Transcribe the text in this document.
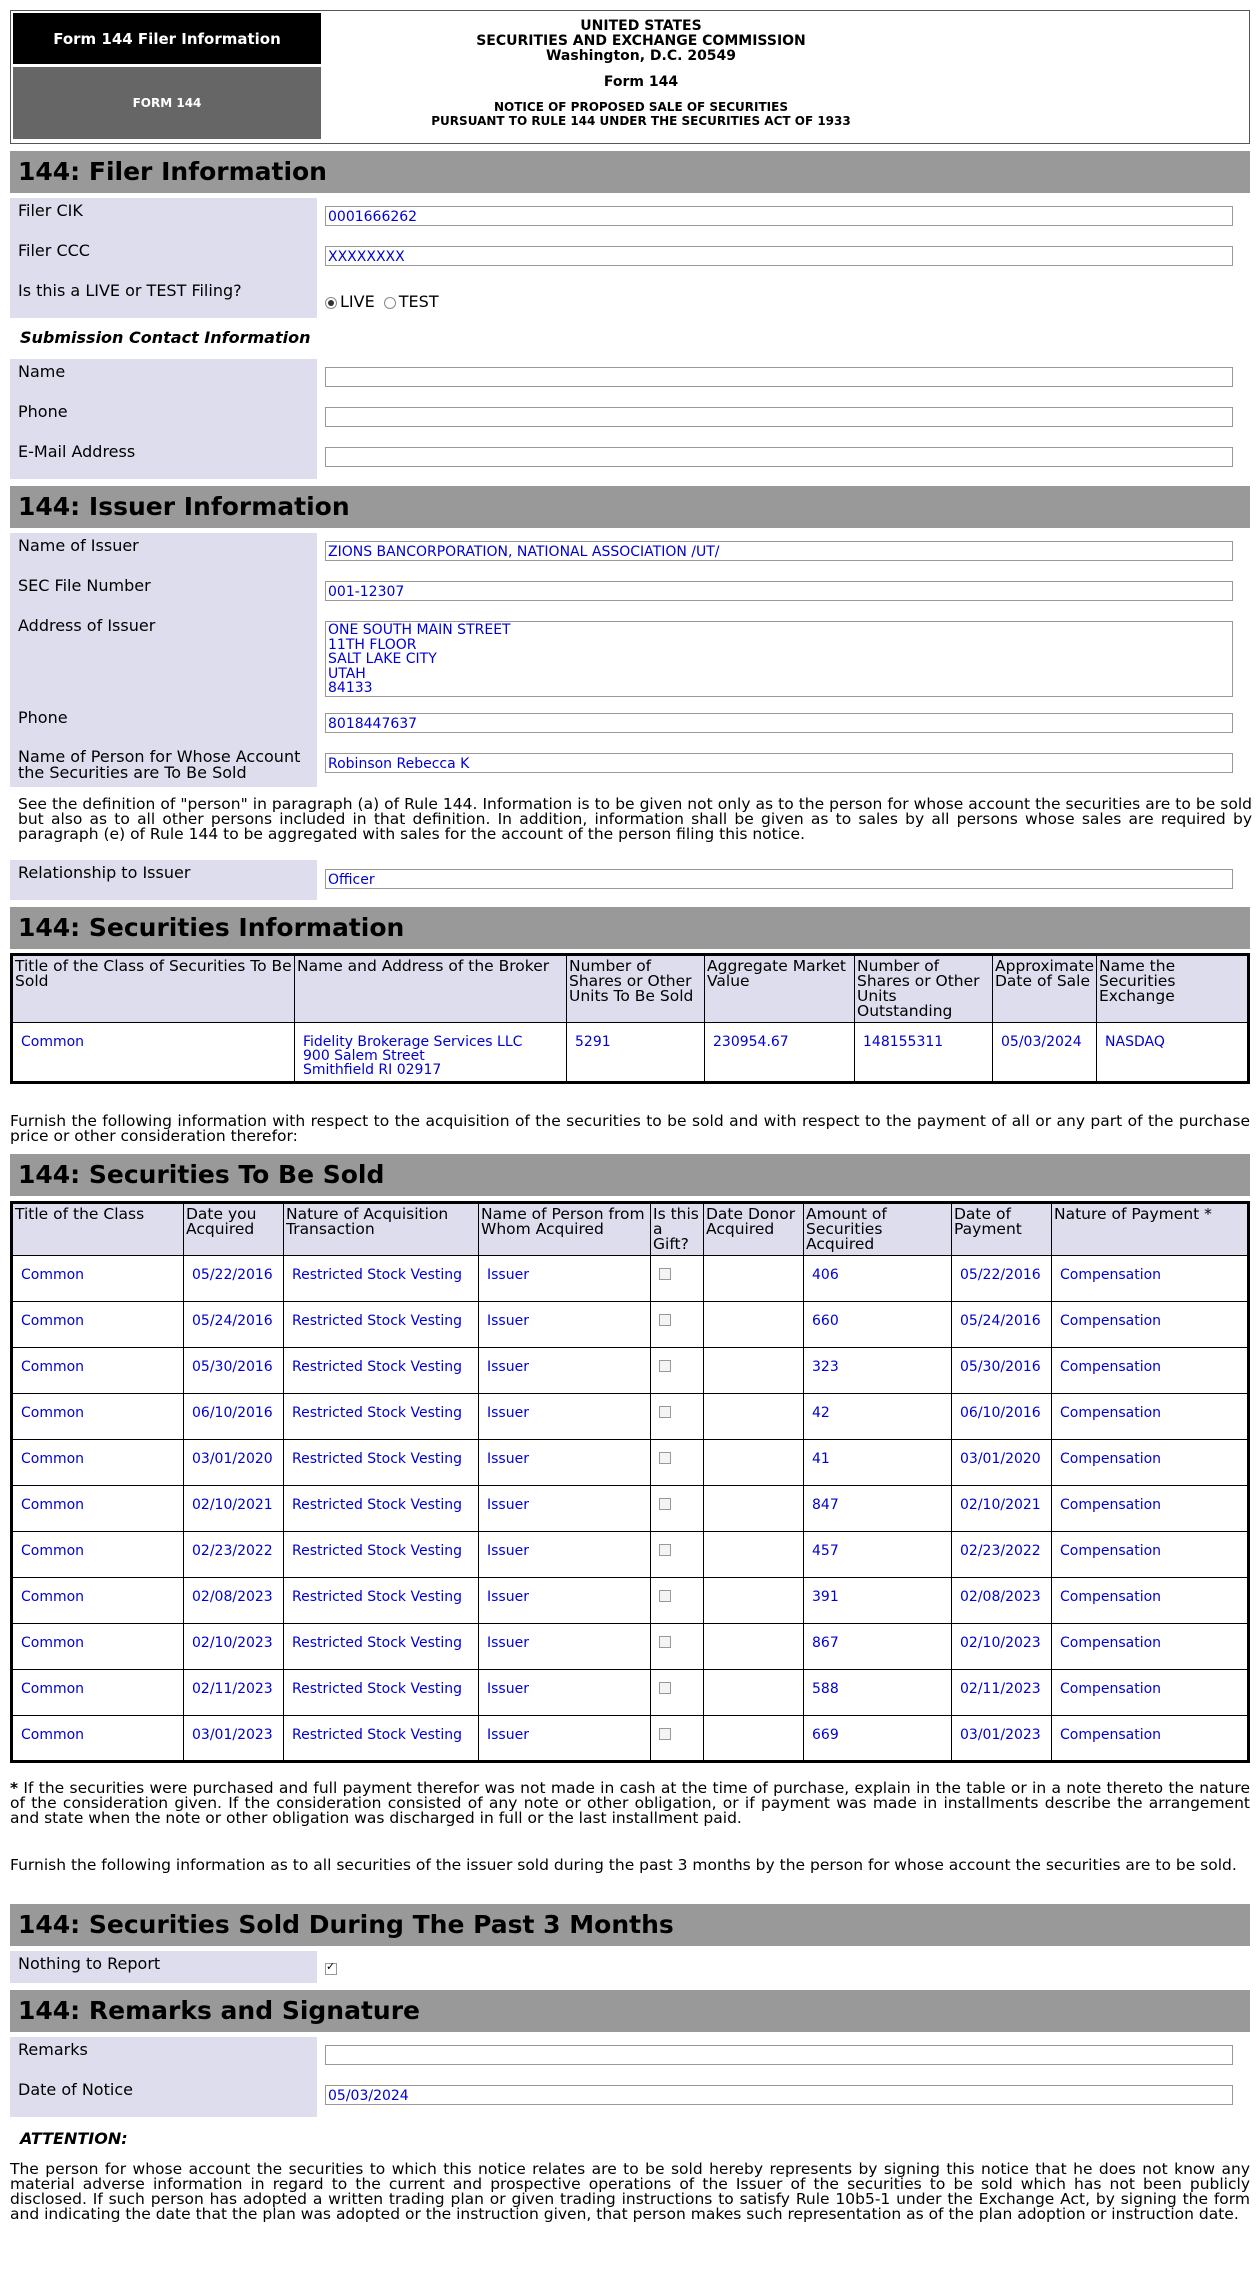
Form 144 Filer Information
FORM 144
UNITED STATES
SECURITIES AND EXCHANGE COMMISSION
Washington, D.C. 20549
Form 144
NOTICE OF PROPOSED SALE OF SECURITIES
PURSUANT TO RULE 144 UNDER THE SECURITIES ACT OF 1933
144: Filer Information
Filer CIK	0001666262
Filer CCC	XXXXXXXX
Is this a LIVE or TEST Filing?
LIVE TEST
Submission Contact Information
Name
Phone
E-Mail Address
144: Issuer Information
Name of Issuer	ZIONS BANCORPORATION, NATIONAL ASSOCIATION /UT/
SEC File Number	001-12307
Address of Issuer	ONE SOUTH MAIN STREET
11TH FLOOR
SALT LAKE CITY
UTAH
84133
Phone	8018447637
Name of Person for Whose Account the Securities are To Be Sold	Robinson Rebecca K
See the definition of "person" in paragraph (a) of Rule 144. Information is to be given not only as to the person for whose account the securities are to be sold but also as to all other persons included in that definition. In addition, information shall be given as to sales by all persons whose sales are required by paragraph (e) of Rule 144 to be aggregated with sales for the account of the person filing this notice.
Relationship to Issuer	Officer
144: Securities Information
Title of the Class of Securities To Be Sold	Name and Address of the Broker	Number of Shares or Other Units To Be Sold	Aggregate Market Value	Number of Shares or Other Units Outstanding	Approximate Date of Sale	Name the Securities Exchange
Common	Fidelity Brokerage Services LLC
900 Salem Street
Smithfield RI 02917	5291	230954.67	148155311	05/03/2024	NASDAQ
Furnish the following information with respect to the acquisition of the securities to be sold and with respect to the payment of all or any part of the purchase price or other consideration therefor:
144: Securities To Be Sold
Title of the Class	Date you Acquired	Nature of Acquisition Transaction	Name of Person from Whom Acquired	Is this a Gift?	Date Donor Acquired	Amount of Securities Acquired	Date of Payment	Nature of Payment *
Common	05/22/2016	Restricted Stock Vesting	Issuer			406	05/22/2016	Compensation
Common	05/24/2016	Restricted Stock Vesting	Issuer			660	05/24/2016	Compensation
Common	05/30/2016	Restricted Stock Vesting	Issuer			323	05/30/2016	Compensation
Common	06/10/2016	Restricted Stock Vesting	Issuer			42	06/10/2016	Compensation
Common	03/01/2020	Restricted Stock Vesting	Issuer			41	03/01/2020	Compensation
Common	02/10/2021	Restricted Stock Vesting	Issuer			847	02/10/2021	Compensation
Common	02/23/2022	Restricted Stock Vesting	Issuer			457	02/23/2022	Compensation
Common	02/08/2023	Restricted Stock Vesting	Issuer			391	02/08/2023	Compensation
Common	02/10/2023	Restricted Stock Vesting	Issuer			867	02/10/2023	Compensation
Common	02/11/2023	Restricted Stock Vesting	Issuer			588	02/11/2023	Compensation
Common	03/01/2023	Restricted Stock Vesting	Issuer			669	03/01/2023	Compensation
* If the securities were purchased and full payment therefor was not made in cash at the time of purchase, explain in the table or in a note thereto the nature of the consideration given. If the consideration consisted of any note or other obligation, or if payment was made in installments describe the arrangement and state when the note or other obligation was discharged in full or the last installment paid.
Furnish the following information as to all securities of the issuer sold during the past 3 months by the person for whose account the securities are to be sold.
144: Securities Sold During The Past 3 Months
Nothing to Report
✓
144: Remarks and Signature
Remarks
Date of Notice	05/03/2024
ATTENTION:
The person for whose account the securities to which this notice relates are to be sold hereby represents by signing this notice that he does not know any material adverse information in regard to the current and prospective operations of the Issuer of the securities to be sold which has not been publicly disclosed. If such person has adopted a written trading plan or given trading instructions to satisfy Rule 10b5-1 under the Exchange Act, by signing the form and indicating the date that the plan was adopted or the instruction given, that person makes such representation as of the plan adoption or instruction date.
